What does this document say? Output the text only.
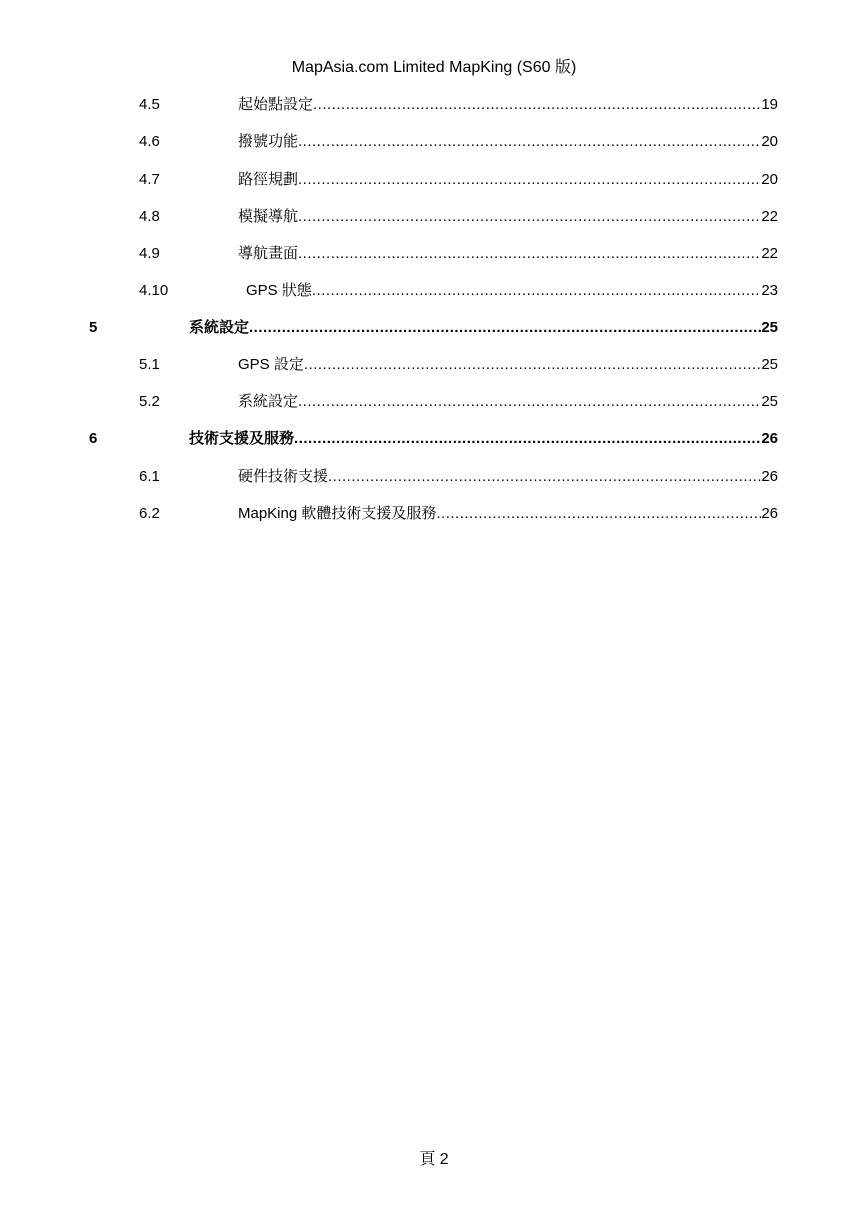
MapAsia.com Limited MapKing (S60 版)
4.5	起始點設定 .....	19
4.6	撥號功能 .....	20
4.7	路徑規劃 .....	20
4.8	模擬導航 .....	22
4.9	導航畫面 .....	22
4.10	GPS 狀態 .....	23
5	系統設定 .....	25
5.1	GPS 設定 .....	25
5.2	系統設定 .....	25
6	技術支援及服務 .....	26
6.1	硬件技術支援 .....	26
6.2	MapKing 軟體技術支援及服務 .....	26
頁 2
